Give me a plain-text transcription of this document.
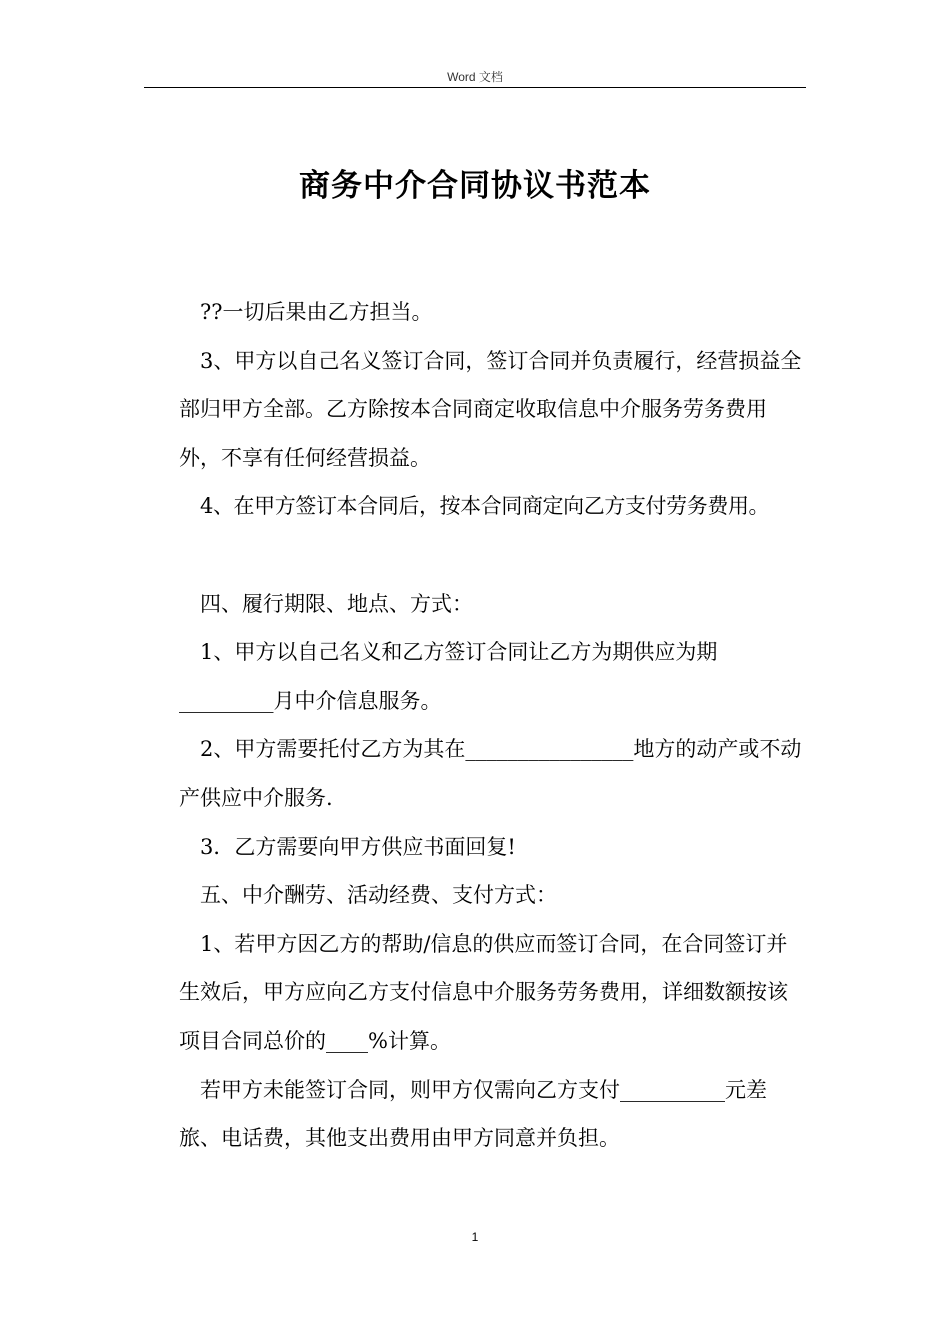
Word 文档
商务中介合同协议书范本

??一切后果由乙方担当。

3、甲方以自己名义签订合同，签订合同并负责履行，经营损益全部归甲方全部。乙方除按本合同商定收取信息中介服务劳务费用外，不享有任何经营损益。

4、在甲方签订本合同后，按本合同商定向乙方支付劳务费用。

四、履行期限、地点、方式：

1、甲方以自己名义和乙方签订合同让乙方为期供应为期_________月中介信息服务。

2、甲方需要托付乙方为其在________________地方的动产或不动产供应中介服务.

3．乙方需要向甲方供应书面回复!

五、中介酬劳、活动经费、支付方式：

1、若甲方因乙方的帮助/信息的供应而签订合同，在合同签订并生效后，甲方应向乙方支付信息中介服务劳务费用，详细数额按该项目合同总价的____%计算。

若甲方未能签订合同，则甲方仅需向乙方支付__________元差旅、电话费，其他支出费用由甲方同意并负担。

1
